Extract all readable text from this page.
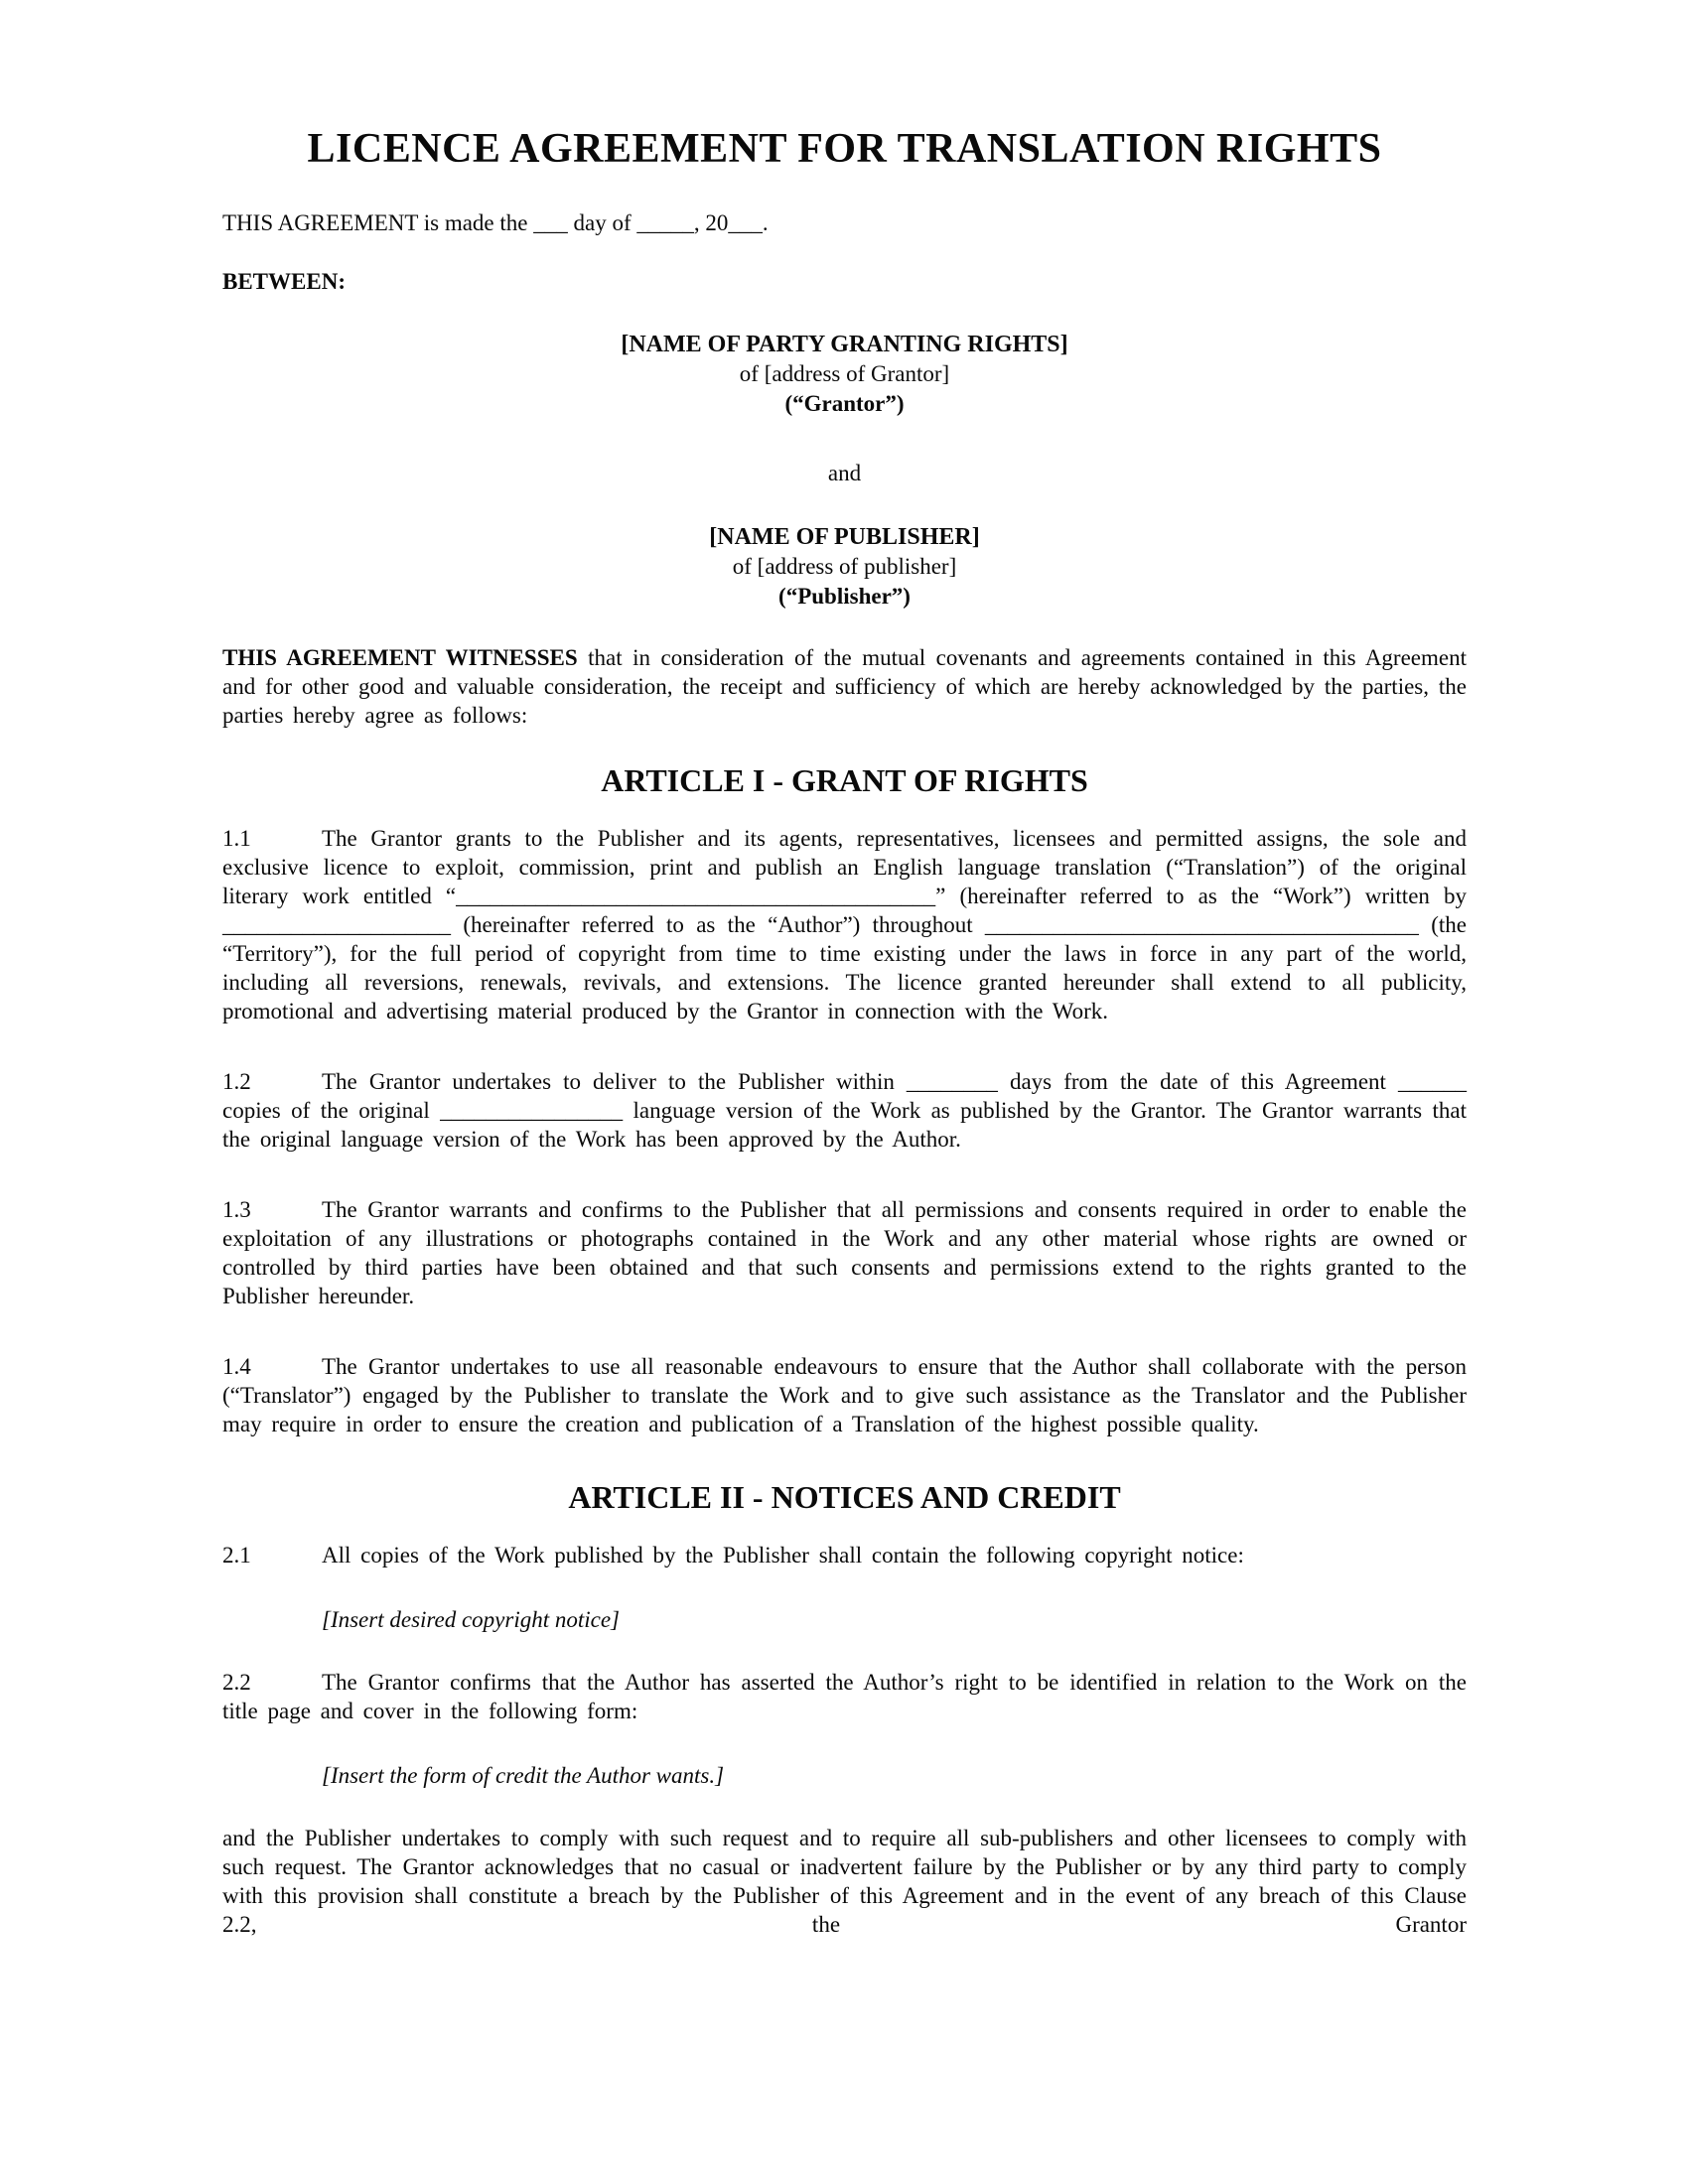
LICENCE AGREEMENT FOR TRANSLATION RIGHTS

THIS AGREEMENT is made the ___ day of _____, 20___.

BETWEEN:

[NAME OF PARTY GRANTING RIGHTS]
of [address of Grantor]
(“Grantor”)
and
[NAME OF PUBLISHER]
of [address of publisher]
(“Publisher”)

THIS AGREEMENT WITNESSES that in consideration of the mutual covenants and agreements contained in this Agreement and for other good and valuable consideration, the receipt and sufficiency of which are hereby acknowledged by the parties, the parties hereby agree as follows:

ARTICLE I - GRANT OF RIGHTS

1.1	The Grantor grants to the Publisher and its agents, representatives, licensees and permitted assigns, the sole and exclusive licence to exploit, commission, print and publish an English language translation (“Translation”) of the original literary work entitled “__________________________________________” (hereinafter referred to as the “Work”) written by ____________________ (hereinafter referred to as the “Author”) throughout ______________________________________ (the “Territory”), for the full period of copyright from time to time existing under the laws in force in any part of the world, including all reversions, renewals, revivals, and extensions. The licence granted hereunder shall extend to all publicity, promotional and advertising material produced by the Grantor in connection with the Work.

1.2	The Grantor undertakes to deliver to the Publisher within ________ days from the date of this Agreement ______ copies of the original ________________ language version of the Work as published by the Grantor. The Grantor warrants that the original language version of the Work has been approved by the Author.

1.3	The Grantor warrants and confirms to the Publisher that all permissions and consents required in order to enable the exploitation of any illustrations or photographs contained in the Work and any other material whose rights are owned or controlled by third parties have been obtained and that such consents and permissions extend to the rights granted to the Publisher hereunder.

1.4	The Grantor undertakes to use all reasonable endeavours to ensure that the Author shall collaborate with the person (“Translator”) engaged by the Publisher to translate the Work and to give such assistance as the Translator and the Publisher may require in order to ensure the creation and publication of a Translation of the highest possible quality.

ARTICLE II - NOTICES AND CREDIT

2.1	All copies of the Work published by the Publisher shall contain the following copyright notice:

[Insert desired copyright notice]

2.2	The Grantor confirms that the Author has asserted the Author’s right to be identified in relation to the Work on the title page and cover in the following form:

[Insert the form of credit the Author wants.]

and the Publisher undertakes to comply with such request and to require all sub-publishers and other licensees to comply with such request. The Grantor acknowledges that no casual or inadvertent failure by the Publisher or by any third party to comply with this provision shall constitute a breach by the Publisher of this Agreement and in the event of any breach of this Clause 2.2, the Grantor
